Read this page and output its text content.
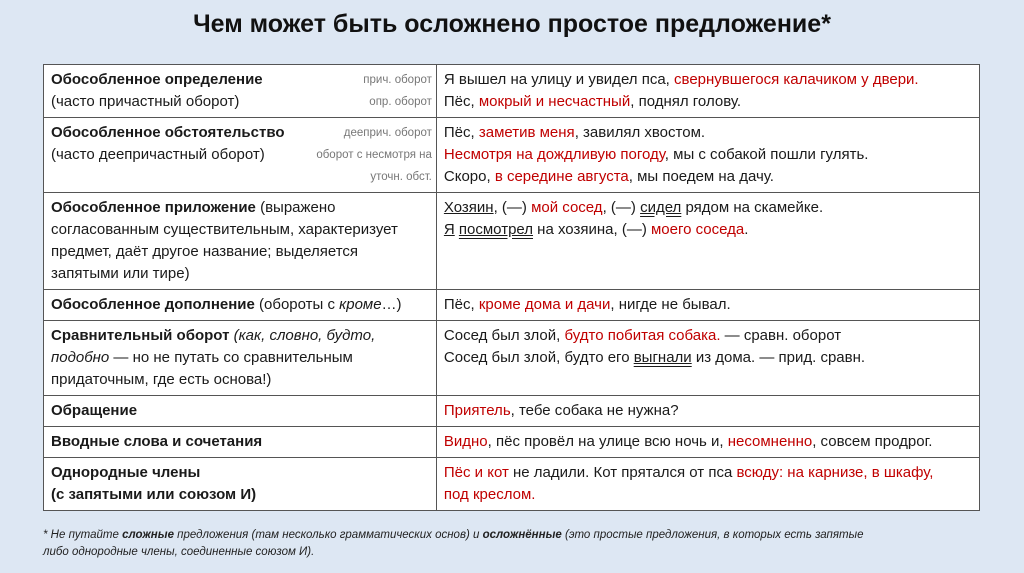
Чем может быть осложнено простое предложение*
Обособленное определение
(часто причастный оборот)
прич. оборот
опр. оборот	Я вышел на улицу и увидел пса, свернувшегося калачиком у двери.
Пёс, мокрый и несчастный, поднял голову.

Обособленное обстоятельство
(часто деепричастный оборот)
дееприч. оборот
оборот с несмотря на
уточн. обст.	Пёс, заметив меня, завилял хвостом.
Несмотря на дождливую погоду, мы с собакой пошли гулять.
Скоро, в середине августа, мы поедем на дачу.

Обособленное приложение (выражено
согласованным существительным, характеризует
предмет, даёт другое название; выделяется
запятыми или тире)	Хозяин, (—) мой сосед, (—) сидел рядом на скамейке.
Я посмотрел на хозяина, (—) моего соседа.

Обособленное дополнение (обороты с кроме…)	Пёс, кроме дома и дачи, нигде не бывал.

Сравнительный оборот (как, словно, будто,
подобно — но не путать со сравнительным
придаточным, где есть основа!)	Сосед был злой, будто побитая собака. — сравн. оборот
Сосед был злой, будто его выгнали из дома. — прид. сравн.

Обращение	Приятель, тебе собака не нужна?

Вводные слова и сочетания	Видно, пёс провёл на улице всю ночь и, несомненно, совсем продрог.

Однородные члены
(с запятыми или союзом И)	Пёс и кот не ладили. Кот прятался от пса всюду: на карнизе, в шкафу,
под креслом.
* Не путайте сложные предложения (там несколько грамматических основ) и осложнённые (это простые предложения, в которых есть запятые
либо однородные члены, соединенные союзом И).
